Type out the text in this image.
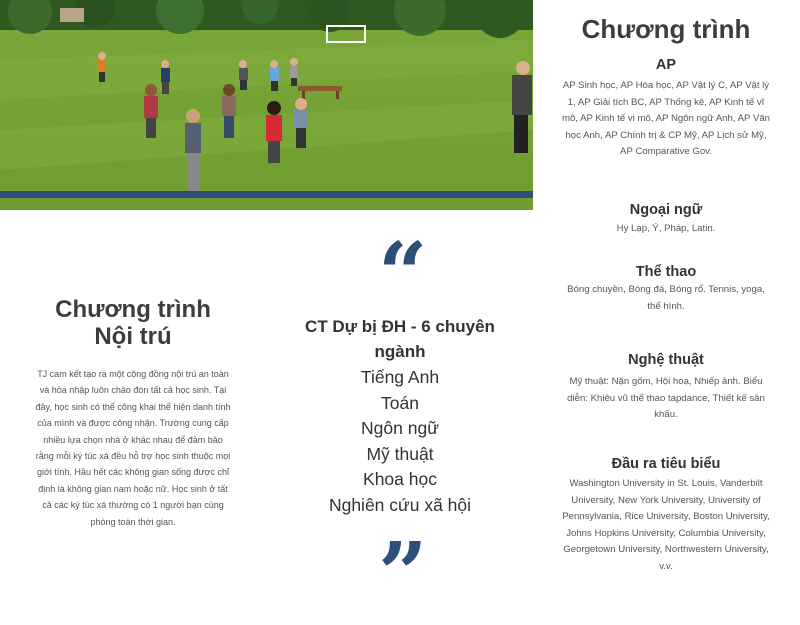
Chương trình
Nội trú
TJ cam kết tạo ra một cộng đồng nội trú an toàn và hòa nhập luôn chào đón tất cả học sinh. Tại đây, học sinh có thể công khai thể hiện danh tính của mình và được công nhận. Trường cung cấp nhiều lựa chọn nhà ở khác nhau để đảm bảo rằng mỗi ký túc xá đều hỗ trợ học sinh thuộc mọi giới tính. Hầu hết các không gian sống được chỉ định là không gian nam hoặc nữ. Học sinh ở tất cả các ký túc xá thường có 1 người bạn cùng phòng toàn thời gian.
“
CT Dự bị ĐH - 6 chuyên ngành
Tiếng Anh
Toán
Ngôn ngữ
Mỹ thuật
Khoa học
Nghiên cứu xã hội
”
Chương trình
AP
AP Sinh học, AP Hóa học, AP Vật lý C, AP Vật lý 1, AP Giải tích BC, AP Thống kê, AP Kinh tế vĩ mô, AP Kinh tế vi mô, AP Ngôn ngữ Anh, AP Văn học Anh, AP Chính trị & CP Mỹ, AP Lịch sử Mỹ, AP Comparative Gov.
Ngoại ngữ
Hy Lạp, Ý, Pháp, Latin.
Thể thao
Bóng chuyền, Bóng đá, Bóng rổ. Tennis, yoga, thể hình.
Nghệ thuật
Mỹ thuật: Nặn gốm, Hội hoạ, Nhiếp ảnh. Biểu diễn: Khiêu vũ thể thao tapdance, Thiết kế sân khấu.
Đầu ra tiêu biểu
Washington University in St. Louis, Vanderbilt University, New York University, University of Pennsylvania, Rice University, Boston University, Johns Hopkins University, Columbia University, Georgetown University, Northwestern University, v.v.
